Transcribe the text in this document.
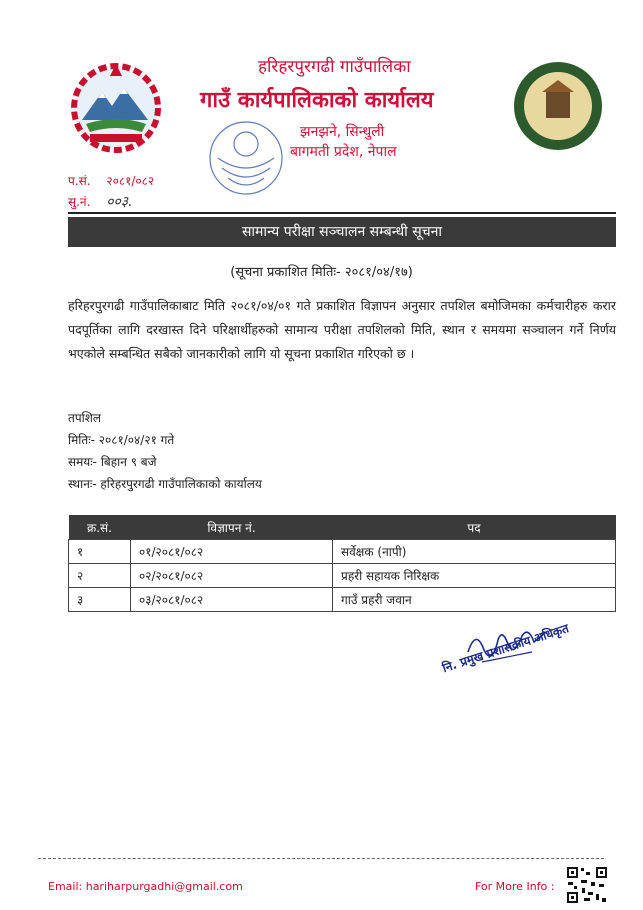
हरिहरपुरगढी गाउँपालिका
गाउँ कार्यपालिकाको कार्यालय
झनझने, सिन्धुली
बागमती प्रदेश, नेपाल
प.सं. २०८१/०८२
सु.नं. ००३.
सामान्य परीक्षा सञ्चालन सम्बन्धी सूचना
(सूचना प्रकाशित मितिः- २०८१/०४/१७)
हरिहरपुरगढी गाउँपालिकाबाट मिति २०८१/०४/०१ गते प्रकाशित विज्ञापन अनुसार तपशिल बमोजिमका कर्मचारीहरु करार पदपूर्तिका लागि दरखास्त दिने परिक्षार्थीहरुको सामान्य परीक्षा तपशिलको मिति, स्थान र समयमा सञ्चालन गर्ने निर्णय भएकोले सम्बन्धित सबैको जानकारीको लागि यो सूचना प्रकाशित गरिएको छ ।
तपशिल
मितिः- २०८१/०४/२१ गते
समयः- बिहान ९ बजे
स्थानः- हरिहरपुरगढी गाउँपालिकाको कार्यालय
क्र.सं.	विज्ञापन नं.	पद
१	०१/२०८१/०८२	सर्वेक्षक (नापी)
२	०२/२०८१/०८२	प्रहरी सहायक निरिक्षक
३	०३/२०८१/०८२	गाउँ प्रहरी जवान
नि. प्रमुख प्रशासकीय अधिकृत
Email: hariharpurgadhi@gmail.com	For More Info :
